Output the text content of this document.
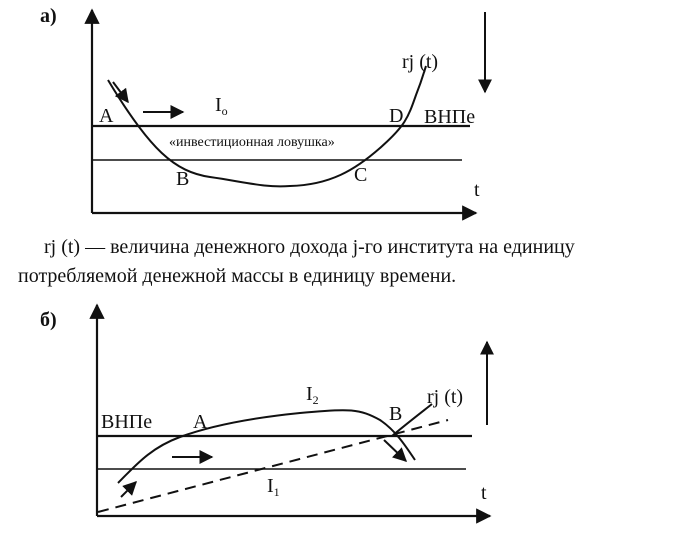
а)
t
A
B	C
D
$I_o$
«инвестиционная ловушка»
rj (t)
ВНПе
б)
t
ВНПе A	B
$I_2$
$I_1$
rj (t)

rj (t) — величина денежного дохода j-го института на единицу

потребляемой денежной массы в единицу времени.
